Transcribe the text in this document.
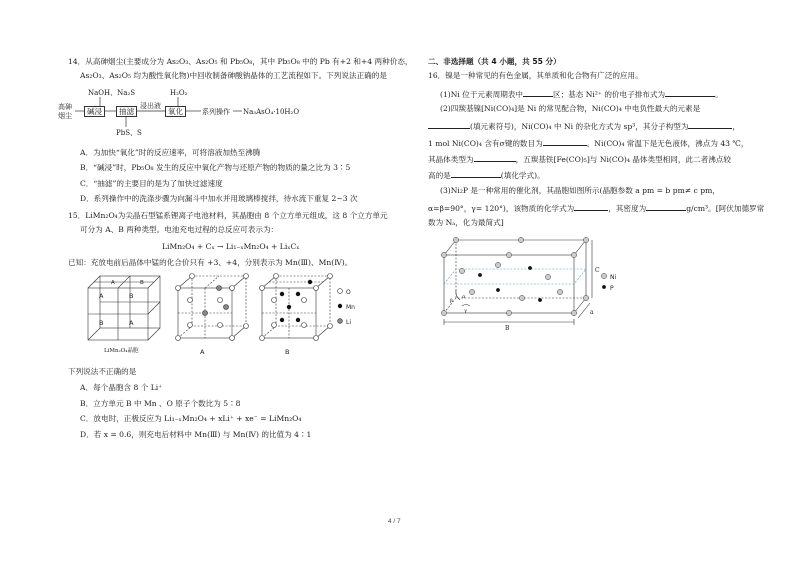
14．从高砷烟尘(主要成分为 As₂O₃、As₂O₅ 和 Pb₅O₈，其中 Pb₅O₈ 中的 Pb 有+2 和+4 两种价态，
As₂O₃、As₂O₅ 均为酸性氧化物)中回收制备砷酸钠晶体的工艺流程如下。下列说法正确的是
NaOH、Na₂S	H₂O₂
高砷烟尘	碱浸	抽滤
浸出液
氧化	系列操作 Na₃AsO₄·10H₂O
PbS、S
A．为加快“氧化”时的反应速率，可将溶液加热至沸腾
B．“碱浸”时，Pb₅O₈ 发生的反应中氧化产物与还原产物的物质的量之比为 3∶5
C．“抽滤”的主要目的是为了加快过滤速度
D．系列操作中的洗涤步骤为向漏斗中加水并用玻璃棒搅拌，待水流下重复 2~3 次
15．LiMn₂O₄为尖晶石型锰系锂离子电池材料，其晶胞由 8 个立方单元组成，这 8 个立方单元
可分为 A、B 两种类型。电池充电过程的总反应可表示为：
LiMn₂O₄ + Cₓ → Li₁₋ₓMn₂O₄ + LiₓCₓ
已知：充放电前后晶体中锰的化合价只有 +3、+4，分别表示为 Mn(Ⅲ)、Mn(Ⅳ)。
A	B
B	A
A	B
A	B
O
Mn
Li
LiMn₂O₄晶胞
下列说法不正确的是
A．每个晶胞含 8 个 Li⁺
B．立方单元 B 中 Mn 、O 原子个数比为 5∶8
C．放电时，正极反应为 Li₁₋ₓMn₂O₄ + xLi⁺ + xe⁻ = LiMn₂O₄
D．若 x = 0.6，则充电后材料中 Mn(Ⅲ) 与 Mn(Ⅳ) 的比值为 4∶1
二、非选择题（共 4 小题，共 55 分）
16．镍是一种常见的有色金属，其单质和化合物有广泛的应用。
(1)Ni 位于元素周期表中	区；基态 Ni²⁺ 的价电子排布式为	。
(2)四羰基镍[Ni(CO)₄]是 Ni 的常见配合物，Ni(CO)₄ 中电负性最大的元素是
(填元素符号)，Ni(CO)₄ 中 Ni 的杂化方式为 sp³，其分子构型为	，
1 mol Ni(CO)₄ 含有σ键的数目为	。Ni(CO)₄ 常温下是无色液体，沸点为 43 ℃，
其晶体类型为	，五羰基铁[Fe(CO)₅]与 Ni(CO)₄ 晶体类型相同，此二者沸点较
高的是	(填化学式)。
(3)Ni₂P 是一种常用的催化剂，其晶胞如图所示(晶胞参数 a pm = b pm≠ c pm，
α=β=90°，γ= 120°)，该物质的化学式为	，其密度为	g/cm³。[阿伏加德罗常
数为 Nₐ，化为最简式]
Ni
P
C
B
a
α
β
γ
4 / 7
